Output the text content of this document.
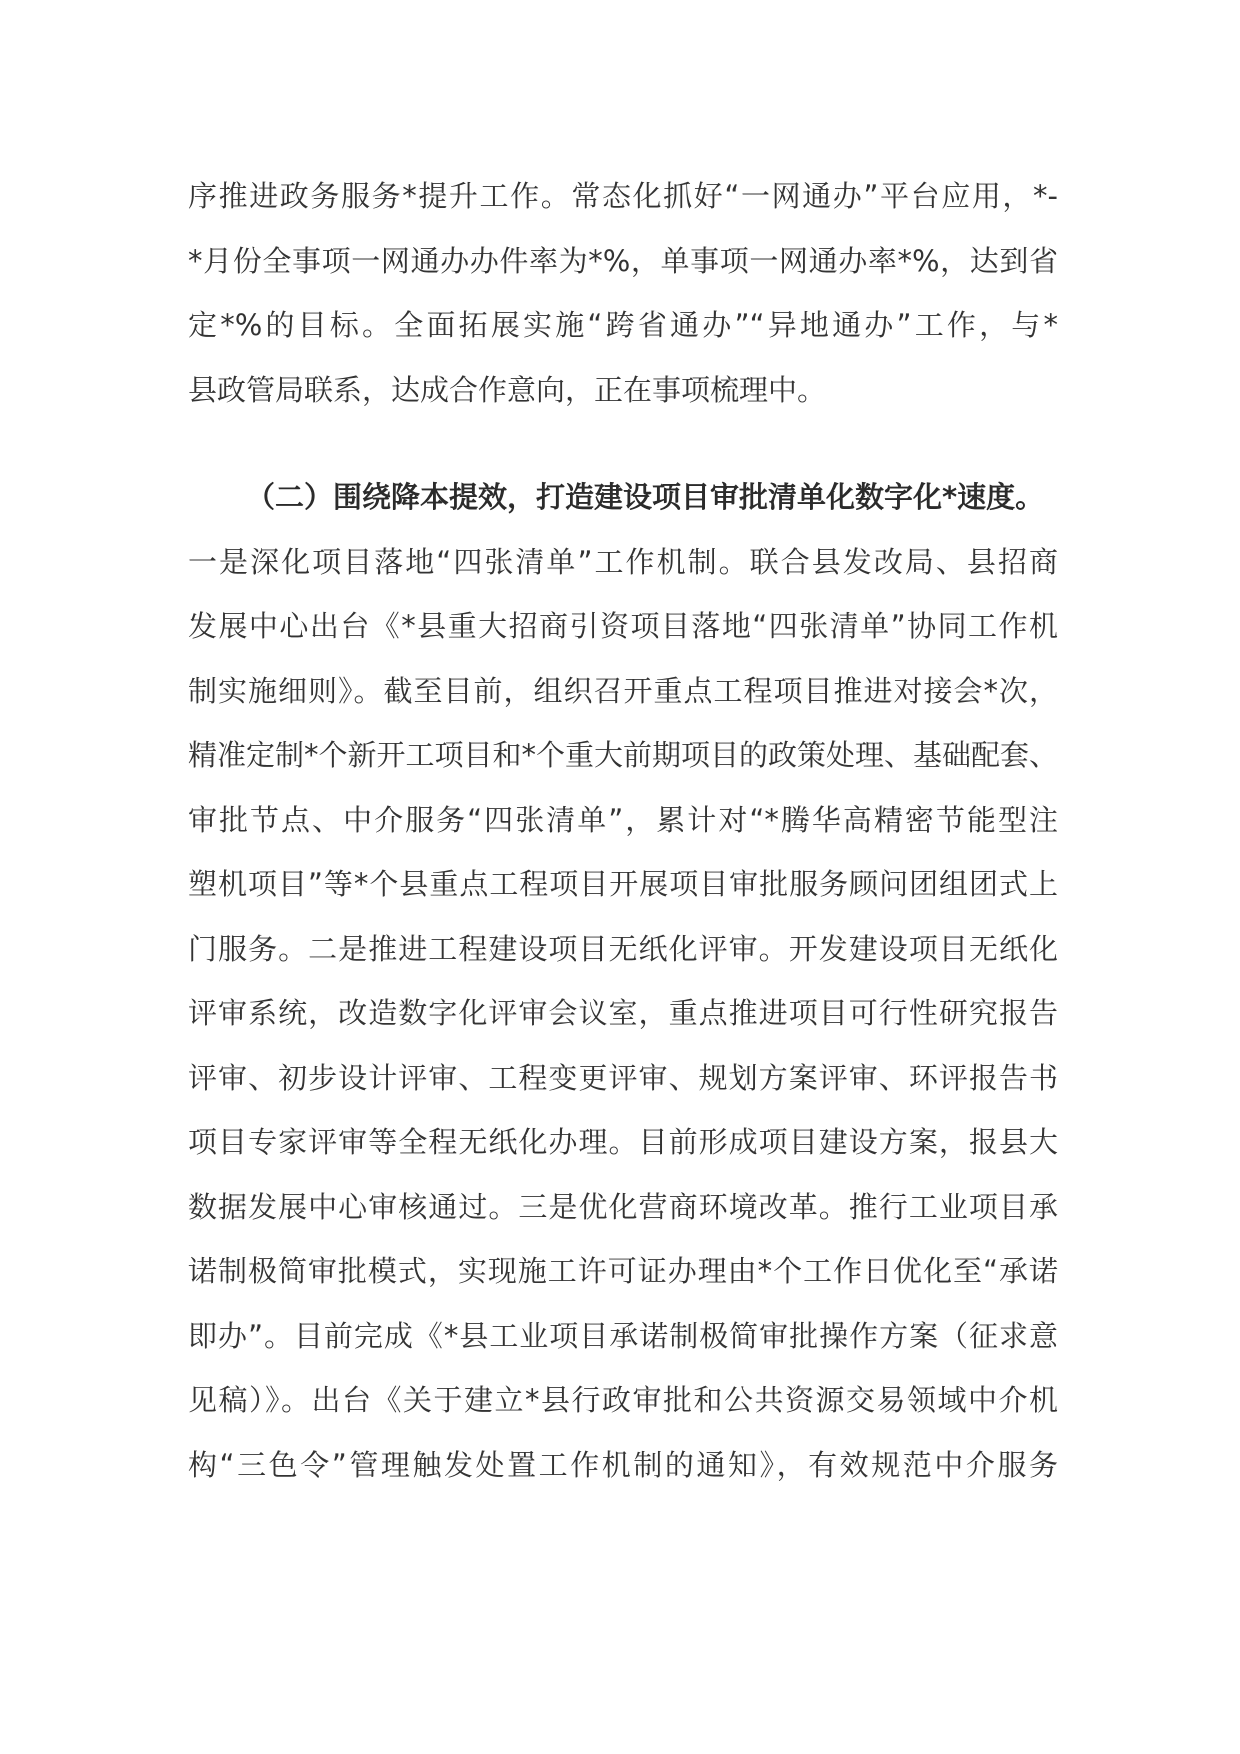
序推进政务服务*提升工作。常态化抓好“一网通办”平台应用，*-
*月份全事项一网通办办件率为*%，单事项一网通办率*%，达到省
定*%的目标。全面拓展实施“跨省通办”“异地通办”工作，与*
县政管局联系，达成合作意向，正在事项梳理中。
（二）围绕降本提效，打造建设项目审批清单化数字化*速度。
一是深化项目落地“四张清单”工作机制。联合县发改局、县招商
发展中心出台《*县重大招商引资项目落地“四张清单”协同工作机
制实施细则》。截至目前，组织召开重点工程项目推进对接会*次，
精准定制*个新开工项目和*个重大前期项目的政策处理、基础配套、
审批节点、中介服务“四张清单”，累计对“*腾华高精密节能型注
塑机项目”等*个县重点工程项目开展项目审批服务顾问团组团式上
门服务。二是推进工程建设项目无纸化评审。开发建设项目无纸化
评审系统，改造数字化评审会议室，重点推进项目可行性研究报告
评审、初步设计评审、工程变更评审、规划方案评审、环评报告书
项目专家评审等全程无纸化办理。目前形成项目建设方案，报县大
数据发展中心审核通过。三是优化营商环境改革。推行工业项目承
诺制极简审批模式，实现施工许可证办理由*个工作日优化至“承诺
即办”。目前完成《*县工业项目承诺制极简审批操作方案（征求意
见稿）》。出台《关于建立*县行政审批和公共资源交易领域中介机
构“三色令”管理触发处置工作机制的通知》，有效规范中介服务
